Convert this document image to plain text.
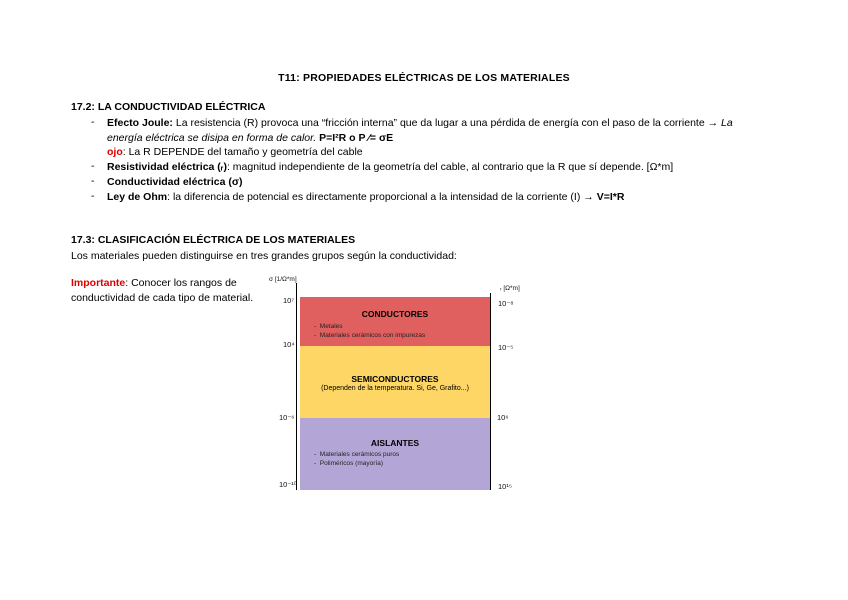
T11: PROPIEDADES ELÉCTRICAS DE LOS MATERIALES
17.2: LA CONDUCTIVIDAD ELÉCTRICA
-	Efecto Joule: La resistencia (R) provoca una “fricción interna” que da lugar a una pérdida de energía con el paso de la corriente → La
energía eléctrica se disipa en forma de calor. P=I²R o P ⁄= σE
ojo: La R DEPENDE del tamaño y geometría del cable
-	Resistividad eléctrica (ᵣ): magnitud independiente de la geometría del cable, al contrario que la R que sí depende. [Ω*m]
-	Conductividad eléctrica (σ)
-	Ley de Ohm: la diferencia de potencial es directamente proporcional a la intensidad de la corriente (I) → V=I*R
17.3: CLASIFICACIÓN ELÉCTRICA DE LOS MATERIALES
Los materiales pueden distinguirse en tres grandes grupos según la conductividad:
Importante: Conocer los rangos de conductividad de cada tipo de material.
σ [1/Ω*m]
ᵣ [Ω*m]
10⁷
10⁴
10⁻⁶
10⁻¹⁰
10⁻⁸
10⁻⁵
10⁶
10¹⁵
CONDUCTORES
-  Metales
-  Materiales cerámicos con impurezas
SEMICONDUCTORES
(Dependen de la temperatura. Si, Ge, Grafito...)
AISLANTES
-  Materiales cerámicos puros
-  Poliméricos (mayoría)
